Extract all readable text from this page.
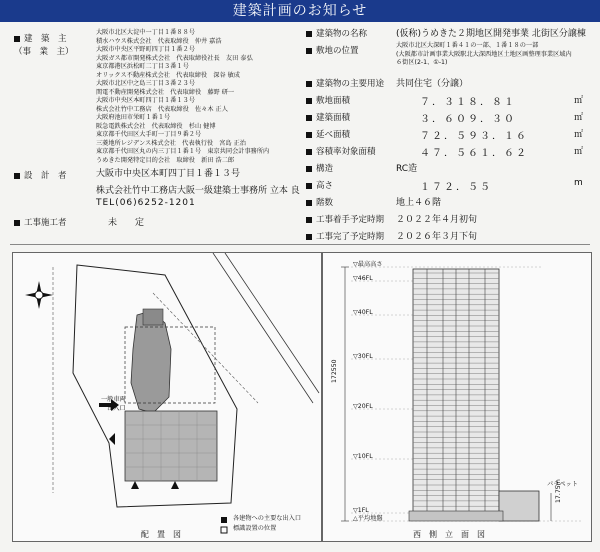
建築計画のお知らせ
建　築　主
（事　業　主）
大阪市北区大淀中一丁目１番８８号
積水ハウス株式会社　代表取締役　仲井 嘉浩
大阪市中央区平野町四丁目１番２号
大阪ガス都市開発株式会社　代表取締役社長　友田 泰弘
東京都港区浜松町二丁目３番１号
オリックス不動産株式会社　代表取締役　深谷 敏成
大阪市北区中之島三丁目３番２３号
関電不動産開発株式会社　代表取締役　藤野 研一
大阪市中央区本町四丁目１番１３号
株式会社竹中工務店　代表取締役　佐々木 正人
大阪府池田市栄町１番１号
阪急電鉄株式会社　代表取締役　杉山 健博
東京都千代田区大手町一丁目９番２号
三菱地所レジデンス株式会社　代表執行役　宮島 正治
東京都千代田区丸の内三丁目１番１号　東京共同会計事務所内
うめきた開発特定目的会社　取締役　新田 浩二郎
設　計　者	大阪市中央区本町四丁目１番１３号
株式会社竹中工務店大阪一級建築士事務所 立本 良
TEL(06)6252-1201
工事施工者	未　　定
建築物の名称	(仮称)うめきた２期地区開発事業 北街区分譲棟
敷地の位置
大阪市北区大深町１番４１の一部、１番１８の一部
(大阪都市計画事業大阪駅北大深西地区土地区画整理事業区域内
６街区(2-1、①-1)
建築物の主要用途 共同住宅（分譲）
敷地面積	７．３１８．８１	㎡
建築面積	３．６０９．３０	㎡
延べ面積	７２．５９３．１６	㎡
容積率対象面積	４７．５６１．６２	㎡
構造	RC造
高さ	１７２．５５	m
階数	地上４６階
工事着手予定時期 ２０２２年４月初旬
工事完了予定時期 ２０２６年３月下旬
一般車両
出入口
各建物への主要な出入口
標識設置の位置
配　置　図
172550
▽最高高さ
▽46FL
▽40FL
▽30FL
▽20FL
▽10FL
▽1FL
△平均地盤
パラペット
17.75m
西　側　立　面　図
